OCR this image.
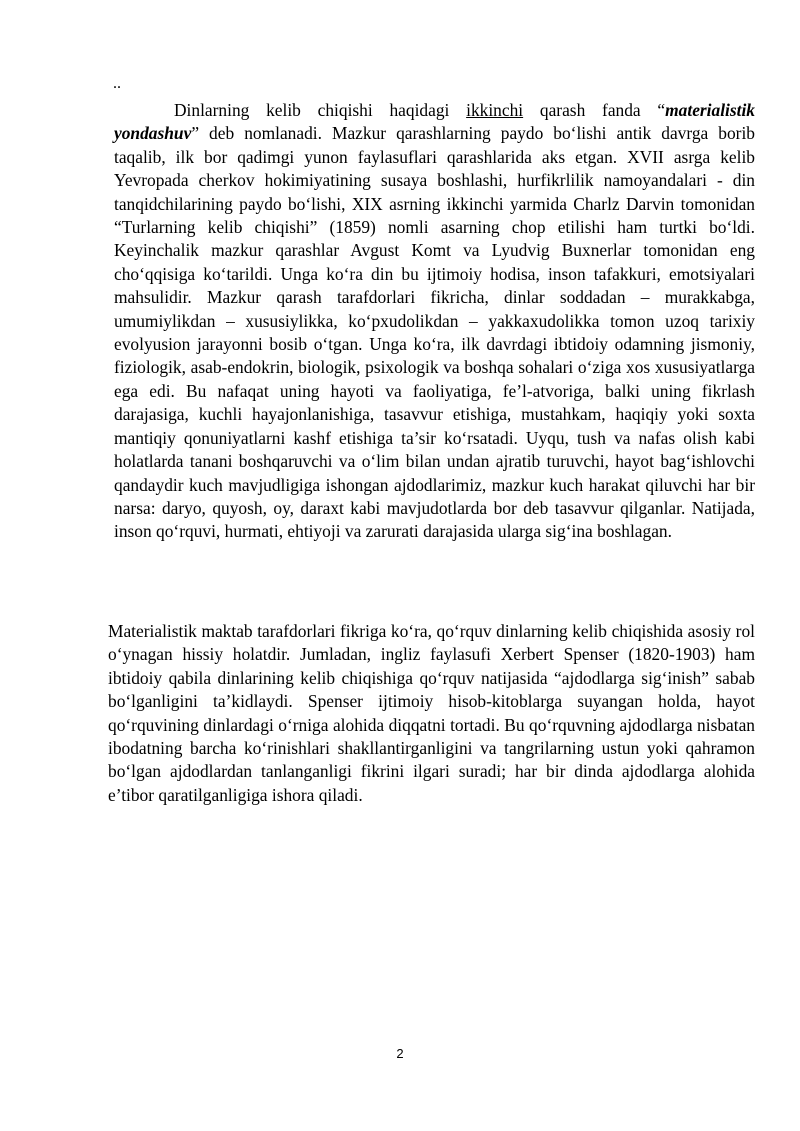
..

Dinlarning kelib chiqishi haqidagi ikkinchi qarash fanda “materialistik yondashuv” deb nomlanadi. Mazkur qarashlarning paydo bo‘lishi antik davrga borib taqalib, ilk bor qadimgi yunon faylasuflari qarashlarida aks etgan. XVII asrga kelib Yevropada cherkov hokimiyatining susaya boshlashi, hurfikrlilik namoyandalari - din tanqidchilarining paydo bo‘lishi, XIX asrning ikkinchi yarmida Charlz Darvin tomonidan “Turlarning kelib chiqishi” (1859) nomli asarning chop etilishi ham turtki bo‘ldi. Keyinchalik mazkur qarashlar Avgust Komt va Lyudvig Buxnerlar tomonidan eng cho‘qqisiga ko‘tarildi. Unga ko‘ra din bu ijtimoiy hodisa, inson tafakkuri, emotsiyalari mahsulidir. Mazkur qarash tarafdorlari fikricha, dinlar soddadan – murakkabga, umumiylikdan – xususiylikka, ko‘pxudolikdan – yakkaxudolikka tomon uzoq tarixiy evolyusion jarayonni bosib o‘tgan. Unga ko‘ra, ilk davrdagi ibtidoiy odamning jismoniy, fiziologik, asab-endokrin, biologik, psixologik va boshqa sohalari o‘ziga xos xususiyatlarga ega edi. Bu nafaqat uning hayoti va faoliyatiga, fe’l-atvoriga, balki uning fikrlash darajasiga, kuchli hayajonlanishiga, tasavvur etishiga, mustahkam, haqiqiy yoki soxta mantiqiy qonuniyatlarni kashf etishiga ta’sir ko‘rsatadi. Uyqu, tush va nafas olish kabi holatlarda tanani boshqaruvchi va o‘lim bilan undan ajratib turuvchi, hayot bag‘ishlovchi qandaydir kuch mavjudligiga ishongan ajdodlarimiz, mazkur kuch harakat qiluvchi har bir narsa: daryo, quyosh, oy, daraxt kabi mavjudotlarda bor deb tasavvur qilganlar. Natijada, inson qo‘rquvi, hurmati, ehtiyoji va zarurati darajasida ularga sig‘ina boshlagan.

Materialistik maktab tarafdorlari fikriga ko‘ra, qo‘rquv dinlarning kelib chiqishida asosiy rol o‘ynagan hissiy holatdir. Jumladan, ingliz faylasufi Xerbert Spenser (1820-1903) ham ibtidoiy qabila dinlarining kelib chiqishiga qo‘rquv natijasida “ajdodlarga sig‘inish” sabab bo‘lganligini ta’kidlaydi. Spenser ijtimoiy hisob-kitoblarga suyangan holda, hayot qo‘rquvining dinlardagi o‘rniga alohida diqqatni tortadi. Bu qo‘rquvning ajdodlarga nisbatan ibodatning barcha ko‘rinishlari shakllantirganligini va tangrilarning ustun yoki qahramon bo‘lgan ajdodlardan tanlanganligi fikrini ilgari suradi; har bir dinda ajdodlarga alohida e’tibor qaratilganligiga ishora qiladi.

2
